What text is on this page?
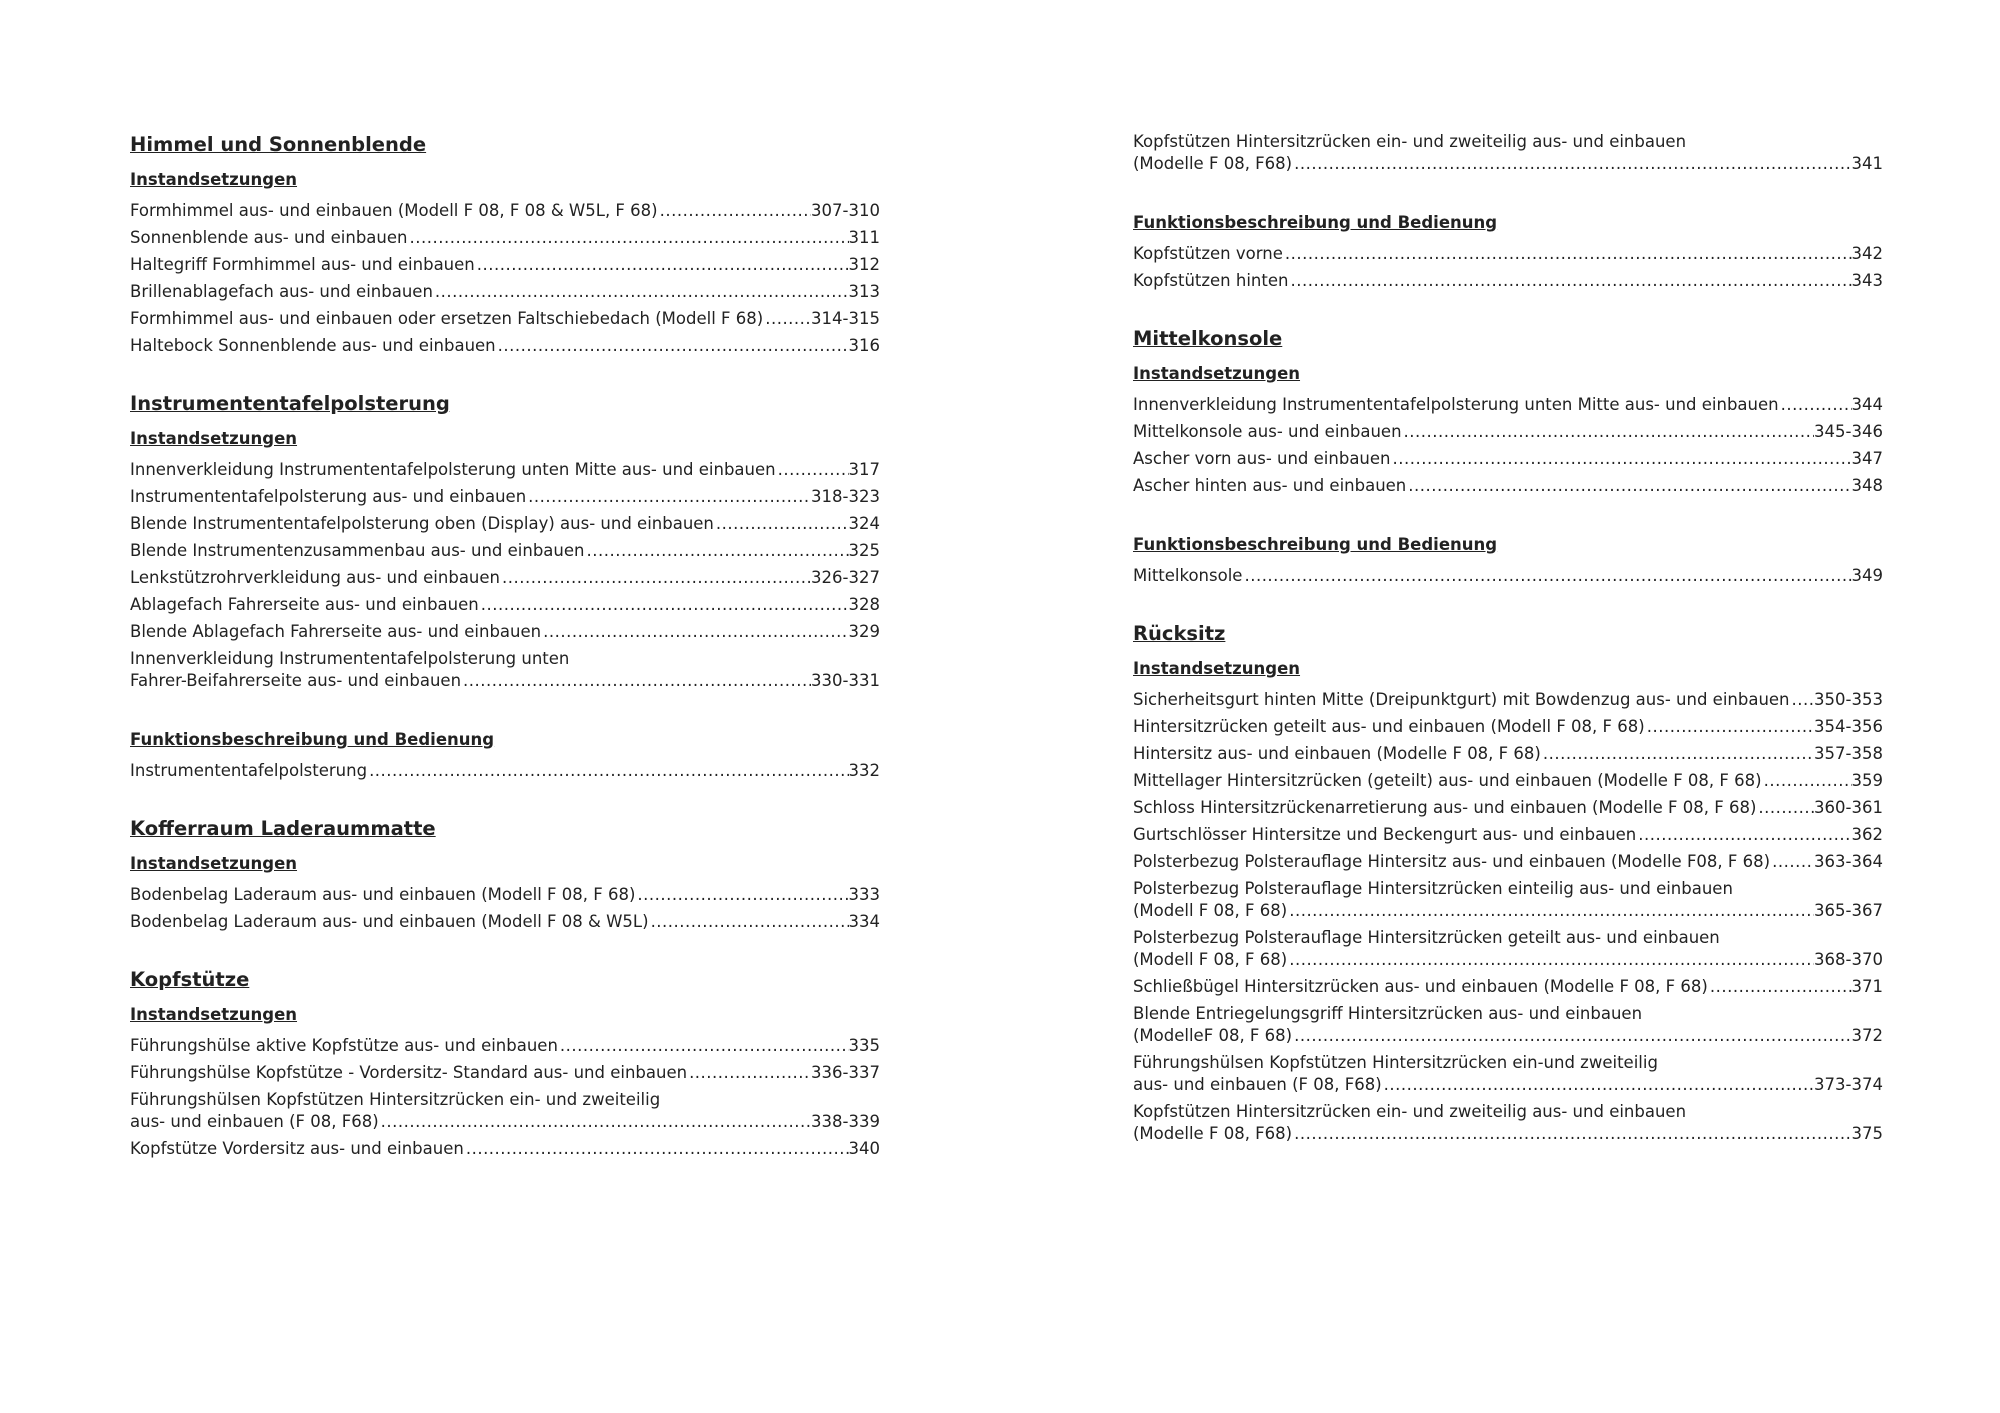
Himmel und Sonnenblende
Instandsetzungen
Formhimmel aus- und einbauen (Modell F 08, F 08 & W5L, F 68) .....	307-310
Sonnenblende aus- und einbauen .....	311
Haltegriff Formhimmel aus- und einbauen .....	312
Brillenablagefach aus- und einbauen .....	313
Formhimmel aus- und einbauen oder ersetzen Faltschiebedach (Modell F 68) .....	314-315
Haltebock Sonnenblende aus- und einbauen .....	316
Instrumententafelpolsterung
Instandsetzungen
Innenverkleidung Instrumententafelpolsterung unten Mitte aus- und einbauen .....	317
Instrumententafelpolsterung aus- und einbauen .....	318-323
Blende Instrumententafelpolsterung oben (Display) aus- und einbauen .....	324
Blende Instrumentenzusammenbau aus- und einbauen .....	325
Lenkstützrohrverkleidung aus- und einbauen .....	326-327
Ablagefach Fahrerseite aus- und einbauen .....	328
Blende Ablagefach Fahrerseite aus- und einbauen .....	329
Innenverkleidung Instrumententafelpolsterung unten
Fahrer-Beifahrerseite aus- und einbauen .....	330-331
Funktionsbeschreibung und Bedienung
Instrumententafelpolsterung .....	332
Kofferraum Laderaummatte
Instandsetzungen
Bodenbelag Laderaum aus- und einbauen (Modell F 08, F 68) .....	333
Bodenbelag Laderaum aus- und einbauen (Modell F 08 & W5L) .....	334
Kopfstütze
Instandsetzungen
Führungshülse aktive Kopfstütze aus- und einbauen .....	335
Führungshülse Kopfstütze - Vordersitz- Standard aus- und einbauen .....	336-337
Führungshülsen Kopfstützen Hintersitzrücken ein- und zweiteilig
aus- und einbauen (F 08, F68) .....	338-339
Kopfstütze Vordersitz aus- und einbauen .....	340
Kopfstützen Hintersitzrücken ein- und zweiteilig aus- und einbauen
(Modelle F 08, F68) .....	341
Funktionsbeschreibung und Bedienung
Kopfstützen vorne .....	342
Kopfstützen hinten .....	343
Mittelkonsole
Instandsetzungen
Innenverkleidung Instrumententafelpolsterung unten Mitte aus- und einbauen .....	344
Mittelkonsole aus- und einbauen .....	345-346
Ascher vorn aus- und einbauen .....	347
Ascher hinten aus- und einbauen .....	348
Funktionsbeschreibung und Bedienung
Mittelkonsole .....	349
Rücksitz
Instandsetzungen
Sicherheitsgurt hinten Mitte (Dreipunktgurt) mit Bowdenzug aus- und einbauen ..... 350-353
Hintersitzrücken geteilt aus- und einbauen (Modell F 08, F 68) .....	354-356
Hintersitz aus- und einbauen (Modelle F 08, F 68) .....	357-358
Mittellager Hintersitzrücken (geteilt) aus- und einbauen (Modelle F 08, F 68) .....	359
Schloss Hintersitzrückenarretierung aus- und einbauen (Modelle F 08, F 68) .....	360-361
Gurtschlösser Hintersitze und Beckengurt aus- und einbauen .....	362
Polsterbezug Polsterauflage Hintersitz aus- und einbauen (Modelle F08, F 68) .....	363-364
Polsterbezug Polsterauflage Hintersitzrücken einteilig aus- und einbauen
(Modell F 08, F 68) .....	365-367
Polsterbezug Polsterauflage Hintersitzrücken geteilt aus- und einbauen
(Modell F 08, F 68) .....	368-370
Schließbügel Hintersitzrücken aus- und einbauen (Modelle F 08, F 68) .....	371
Blende Entriegelungsgriff Hintersitzrücken aus- und einbauen
(ModelleF 08, F 68) .....	372
Führungshülsen Kopfstützen Hintersitzrücken ein-und zweiteilig
aus- und einbauen (F 08, F68) .....	373-374
Kopfstützen Hintersitzrücken ein- und zweiteilig aus- und einbauen
(Modelle F 08, F68) .....	375
